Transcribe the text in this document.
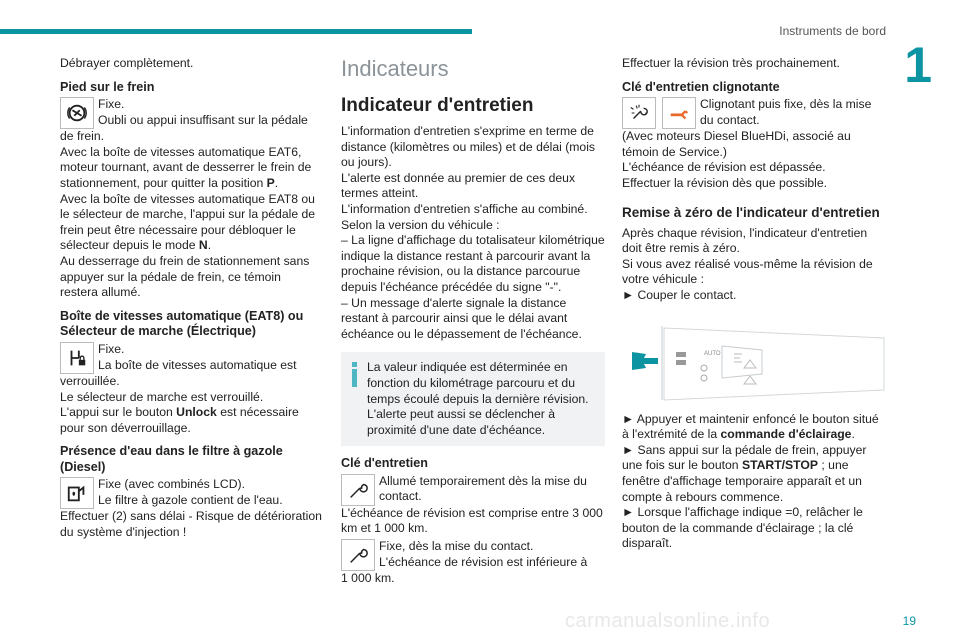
Instruments de bord
1

Débrayer complètement.

Pied sur le frein

Fixe.

Oubli ou appui insuffisant sur la pédale

de frein.

Avec la boîte de vitesses automatique EAT6, moteur tournant, avant de desserrer le frein de stationnement, pour quitter la position P.

Avec la boîte de vitesses automatique EAT8 ou le sélecteur de marche, l'appui sur la pédale de frein peut être nécessaire pour débloquer le sélecteur depuis le mode N.

Au desserrage du frein de stationnement sans appuyer sur la pédale de frein, ce témoin restera allumé.

Boîte de vitesses automatique (EAT8) ou Sélecteur de marche (Électrique)

Fixe.

La boîte de vitesses automatique est

verrouillée.

Le sélecteur de marche est verrouillé.

L'appui sur le bouton Unlock est nécessaire pour son déverrouillage.

Présence d'eau dans le filtre à gazole (Diesel)

Fixe (avec combinés LCD).

Le filtre à gazole contient de l'eau.

Effectuer (2) sans délai - Risque de détérioration du système d'injection !

Indicateurs

Indicateur d'entretien

L'information d'entretien s'exprime en terme de distance (kilomètres ou miles) et de délai (mois ou jours).

L'alerte est donnée au premier de ces deux termes atteint.

L'information d'entretien s'affiche au combiné. Selon la version du véhicule :

– La ligne d'affichage du totalisateur kilométrique indique la distance restant à parcourir avant la prochaine révision, ou la distance parcourue depuis l'échéance précédée du signe "-".

– Un message d'alerte signale la distance restant à parcourir ainsi que le délai avant échéance ou le dépassement de l'échéance.

La valeur indiquée est déterminée en fonction du kilométrage parcouru et du temps écoulé depuis la dernière révision. L'alerte peut aussi se déclencher à proximité d'une date d'échéance.

Clé d'entretien

Allumé temporairement dès la mise du contact.

L'échéance de révision est comprise entre 3 000 km et 1 000 km.

Fixe, dès la mise du contact.

L'échéance de révision est inférieure à

1 000 km.

Effectuer la révision très prochainement.

Clé d'entretien clignotante

Clignotant puis fixe, dès la mise du contact.

(Avec moteurs Diesel BlueHDi, associé au témoin de Service.)

L'échéance de révision est dépassée.

Effectuer la révision dès que possible.

Remise à zéro de l'indicateur d'entretien

Après chaque révision, l'indicateur d'entretien doit être remis à zéro.

Si vous avez réalisé vous-même la révision de votre véhicule :

► Couper le contact.

AUTO

► Appuyer et maintenir enfoncé le bouton situé à l'extrémité de la commande d'éclairage.

► Sans appui sur la pédale de frein, appuyer une fois sur le bouton START/STOP ; une fenêtre d'affichage temporaire apparaît et un compte à rebours commence.

► Lorsque l'affichage indique =0, relâcher le bouton de la commande d'éclairage ; la clé disparaît.

carmanualsonline.info	19
